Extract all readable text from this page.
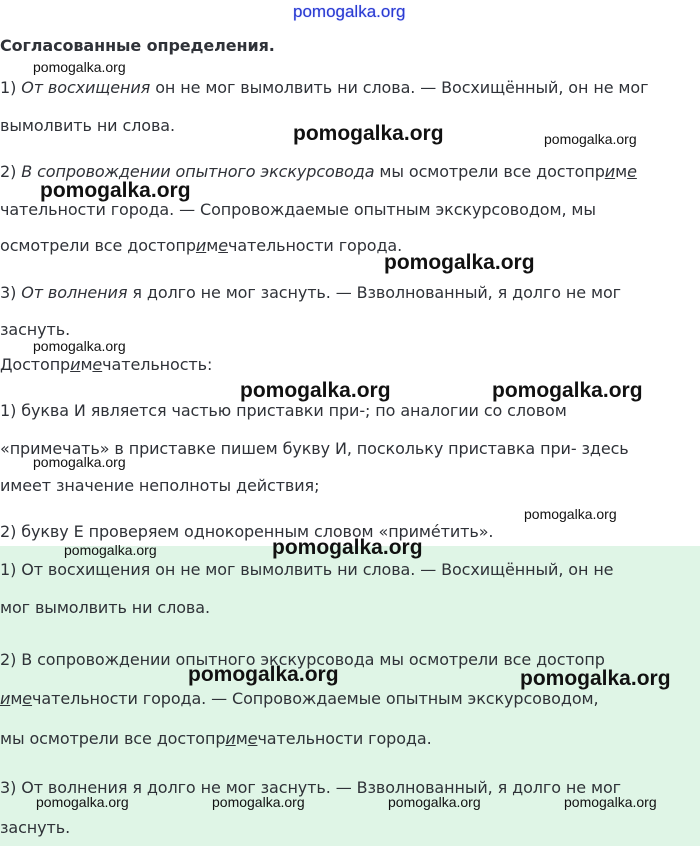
pomogalka.org
Согласованные определения.
1) От восхищения он не мог вымолвить ни слова. — Восхищённый, он не мог
вымолвить ни слова.
2) В сопровождении опытного экскурсовода мы осмотрели все достоприме
чательности города. — Сопровождаемые опытным экскурсоводом, мы
осмотрели все достопримечательности города.
3) От волнения я долго не мог заснуть. — Взволнованный, я долго не мог
заснуть.
Достопримечательность:
1) буква И является частью приставки при-; по аналогии со словом
«примечать» в приставке пишем букву И, поскольку приставка при- здесь
имеет значение неполноты действия;
2) букву Е проверяем однокоренным словом «примéтить».
1) От восхищения он не мог вымолвить ни слова. — Восхищённый, он не
мог вымолвить ни слова.
2) В сопровождении опытного экскурсовода мы осмотрели все достопр
имечательности города. — Сопровождаемые опытным экскурсоводом,
мы осмотрели все достопримечательности города.
3) От волнения я долго не мог заснуть. — Взволнованный, я долго не мог
заснуть.
pomogalka.org
pomogalka.org	pomogalka.org
pomogalka.org
pomogalka.org
pomogalka.org
pomogalka.org	pomogalka.org
pomogalka.org
pomogalka.org
pomogalka.org
pomogalka.org
pomogalka.org	pomogalka.org
pomogalka.org	pomogalka.org	pomogalka.org	pomogalka.org
